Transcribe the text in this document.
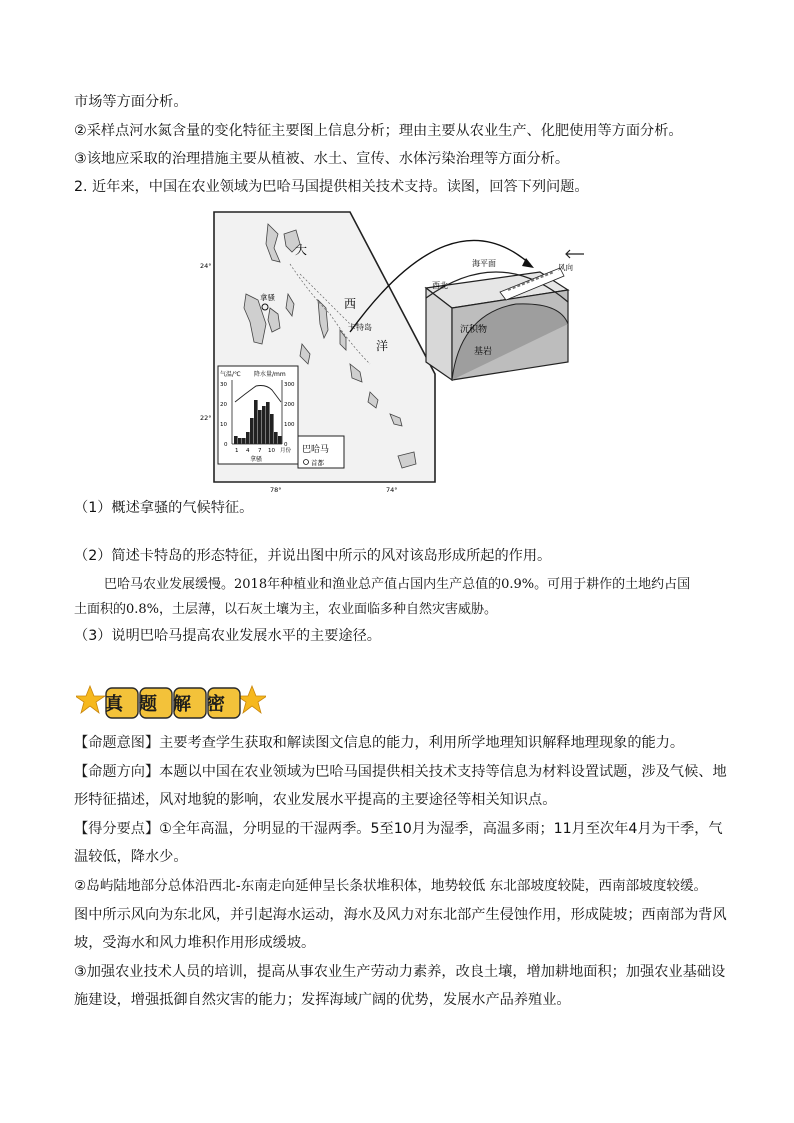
市场等方面分析。
②采样点河水氮含量的变化特征主要图上信息分析；理由主要从农业生产、化肥使用等方面分析。
③该地应采取的治理措施主要从植被、水土、宣传、水体污染治理等方面分析。
2. 近年来，中国在农业领域为巴哈马国提供相关技术支持。读图，回答下列问题。
大
西
洋
拿骚
卡特岛
24°
22°
78°	74°
气温/℃ 降水量/mm
30
20
10
0
300
200
100
0
1 4 7 10 月份
拿骚
巴哈马
首都
西北
海平面	风向
沉积物
基岩
（1）概述拿骚的气候特征。
（2）简述卡特岛的形态特征，并说出图中所示的风对该岛形成所起的作用。
巴哈马农业发展缓慢。2018年种植业和渔业总产值占国内生产总值的0.9%。可用于耕作的土地约占国
土面积的0.8%，土层薄，以石灰土壤为主，农业面临多种自然灾害威胁。
（3）说明巴哈马提高农业发展水平的主要途径。
真题解密
【命题意图】主要考查学生获取和解读图文信息的能力，利用所学地理知识解释地理现象的能力。
【命题方向】本题以中国在农业领域为巴哈马国提供相关技术支持等信息为材料设置试题，涉及气候、地
形特征描述，风对地貌的影响，农业发展水平提高的主要途径等相关知识点。
【得分要点】①全年高温，分明显的干湿两季。5至10月为湿季，高温多雨；11月至次年4月为干季，气
温较低，降水少。
②岛屿陆地部分总体沿西北-东南走向延伸呈长条状堆积体，地势较低 东北部坡度较陡，西南部坡度较缓。
图中所示风向为东北风，并引起海水运动，海水及风力对东北部产生侵蚀作用，形成陡坡；西南部为背风
坡，受海水和风力堆积作用形成缓坡。
③加强农业技术人员的培训，提高从事农业生产劳动力素养，改良土壤，增加耕地面积；加强农业基础设
施建设，增强抵御自然灾害的能力；发挥海域广阔的优势，发展水产品养殖业。
